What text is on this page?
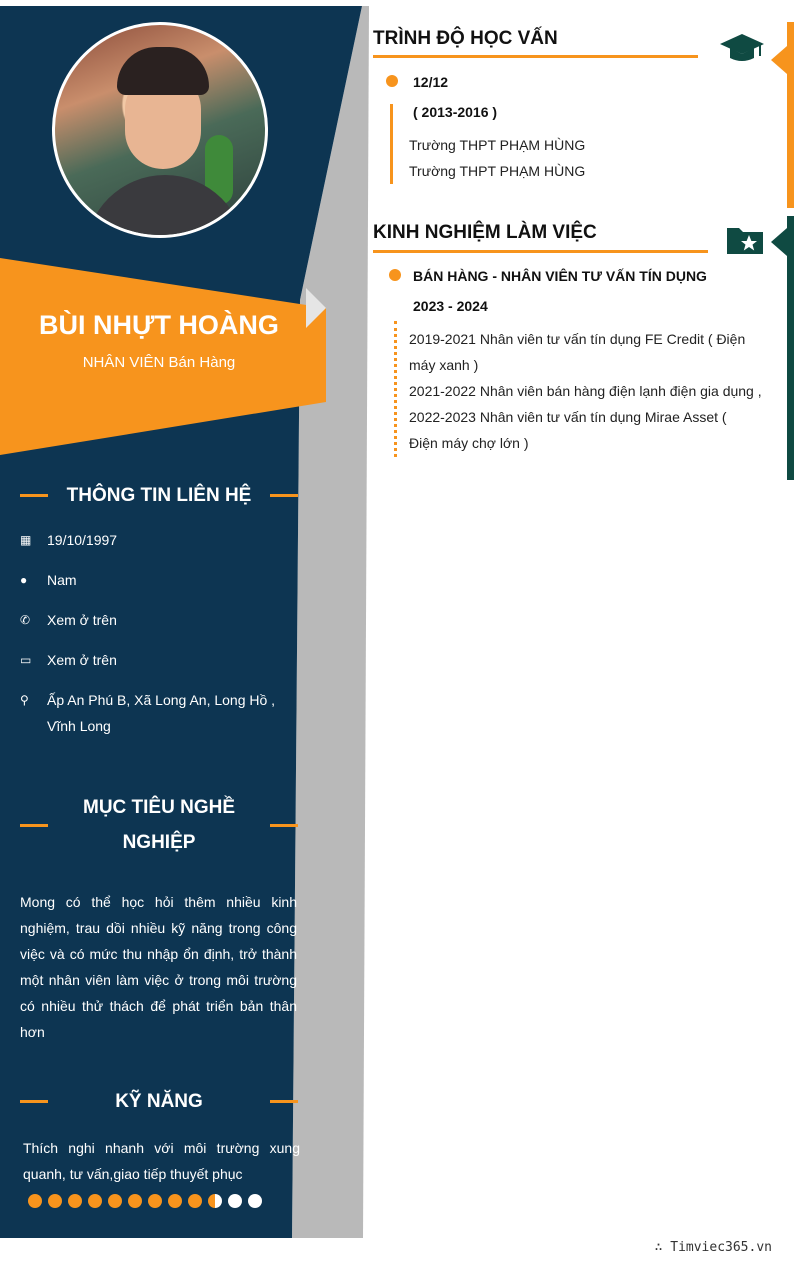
BÙI NHỰT HOÀNG
NHÂN VIÊN Bán Hàng
THÔNG TIN LIÊN HỆ
▦	19/10/1997
●	Nam
✆	Xem ở trên
▭	Xem ở trên
⚲	Ấp An Phú B, Xã Long An, Long Hồ , Vĩnh Long
MỤC TIÊU NGHỀ NGHIỆP
Mong có thể học hỏi thêm nhiều kinh nghiệm, trau dồi nhiều kỹ năng trong công việc và có mức thu nhập ổn định, trở thành một nhân viên làm việc ở trong môi trường có nhiều thử thách để phát triển bản thân hơn
KỸ NĂNG
Thích nghi nhanh với môi trường xung quanh, tư vấn,giao tiếp thuyết phục
TRÌNH ĐỘ HỌC VẤN
12/12
( 2013-2016 )
Trường THPT PHẠM HÙNG
Trường THPT PHẠM HÙNG
KINH NGHIỆM LÀM VIỆC
BÁN HÀNG - NHÂN VIÊN TƯ VẤN TÍN DỤNG
2023 - 2024
2019-2021 Nhân viên tư vấn tín dụng FE Credit ( Điện máy xanh )
2021-2022 Nhân viên bán hàng điện lạnh điện gia dụng ,
2022-2023 Nhân viên tư vấn tín dụng Mirae Asset ( Điện máy chợ lớn )
∴ Timviec365.vn
